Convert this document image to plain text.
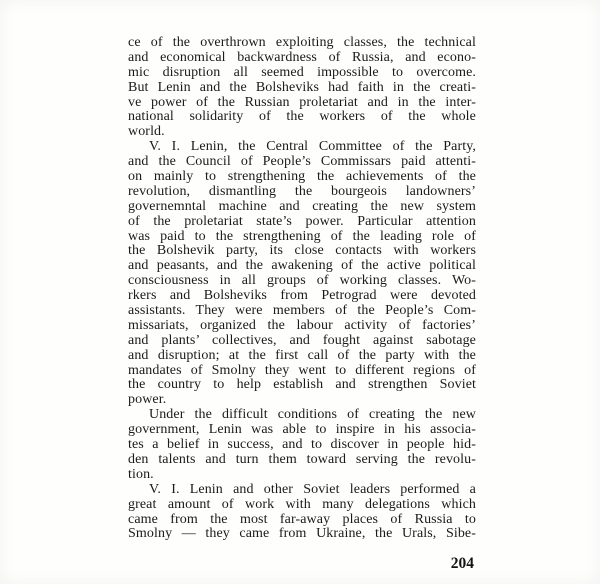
ce of the overthrown exploiting classes, the technical
and economical backwardness of Russia, and econo-
mic disruption all seemed impossible to overcome.
But Lenin and the Bolsheviks had faith in the creati-
ve power of the Russian proletariat and in the inter-
national solidarity of the workers of the whole
world.
V. I. Lenin, the Central Committee of the Party,
and the Council of People’s Commissars paid attenti-
on mainly to strengthening the achievements of the
revolution, dismantling the bourgeois landowners’
governemntal machine and creating the new system
of the proletariat state’s power. Particular attention
was paid to the strengthening of the leading role of
the Bolshevik party, its close contacts with workers
and peasants, and the awakening of the active political
consciousness in all groups of working classes. Wo-
rkers and Bolsheviks from Petrograd were devoted
assistants. They were members of the People’s Com-
missariats, organized the labour activity of factories’
and plants’ collectives, and fought against sabotage
and disruption; at the first call of the party with the
mandates of Smolny they went to different regions of
the country to help establish and strengthen Soviet
power.
Under the difficult conditions of creating the new
government, Lenin was able to inspire in his associa-
tes a belief in success, and to discover in people hid-
den talents and turn them toward serving the revolu-
tion.
V. I. Lenin and other Soviet leaders performed a
great amount of work with many delegations which
came from the most far-away places of Russia to
Smolny — they came from Ukraine, the Urals, Sibe-
204
